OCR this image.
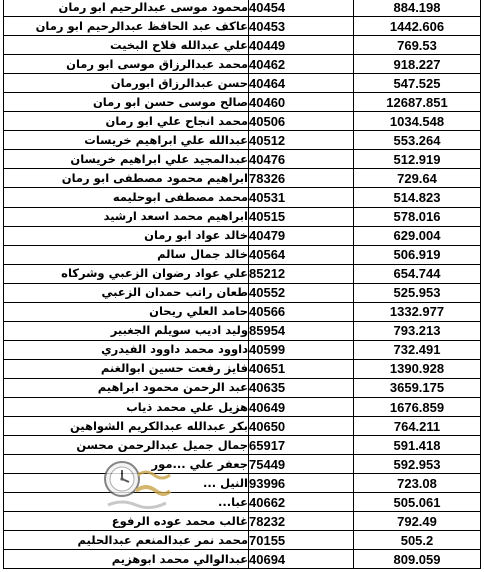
محمود موسى عبدالرحيم ابو رمان	40454	884.198
عاكف عبد الحافظ عبدالرحيم ابو رمان	40453	1442.606
علي عبدالله فلاح البخيت	40449	769.53
محمد عبدالرزاق موسى ابو رمان	40462	918.227
حسن عبدالرزاق ابورمان	40464	547.525
صالح موسى حسن ابو رمان	40460	12687.851
محمد انجاح علي ابو رمان	40506	1034.548
عبدالله علي ابراهيم خريسات	40512	553.264
عبدالمجيد علي ابراهيم خريسان	40476	512.919
ابراهيم محمود مصطفى ابو رمان	78326	729.64
محمد مصطفى ابوحليمه	40531	514.823
ابراهيم محمد اسعد ارشيد	40515	578.016
خالد عواد ابو رمان	40479	629.004
خالد جمال سالم	40564	506.919
علي عواد رضوان الزعبي وشركاه	85212	654.744
طعان راتب حمدان الزعبي	40552	525.953
حامد العلي ريحان	40566	1332.977
وليد اديب سويلم الجغبير	85954	793.213
داوود محمد داوود الفيدري	40599	732.491
فايز رفعت حسين ابوالغنم	40651	1390.928
عبد الرحمن محمود ابراهيم	40635	3659.175
هزيل علي محمد ذياب	40649	1676.859
بكر عبدالله عبدالكريم الشواهين	40650	764.211
جمال جميل عبدالرحمن محسن	65917	591.418
جعفر علي ...مور	75449	592.953
النيل ...	93996	723.08
عبا...	40662	505.061
غالب محمد عوده الرفوع	78232	792.49
محمد نمر عبدالمنعم عبدالحليم	70155	505.2
عبدالوالي محمد ابوهزيم	40694	809.059
